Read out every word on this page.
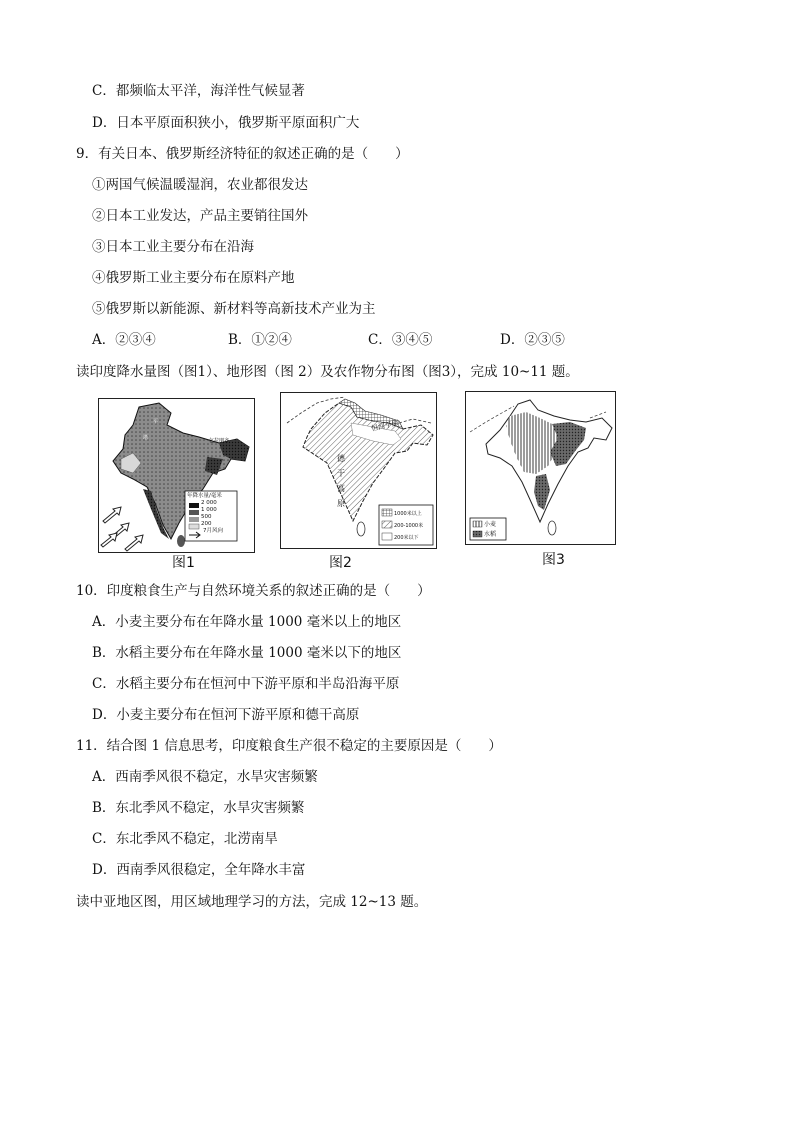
C．都频临太平洋，海洋性气候显著
D．日本平原面积狭小，俄罗斯平原面积广大
9．有关日本、俄罗斯经济特征的叙述正确的是（　　）
①两国气候温暖湿润，农业都很发达
②日本工业发达，产品主要销往国外
③日本工业主要分布在沿海
④俄罗斯工业主要分布在原料产地
⑤俄罗斯以新能源、新材料等高新技术产业为主
A．②③④	B．①②④	C．③④⑤	D．②③⑤
读印度降水量图（图1）、地形图（图 2）及农作物分布图（图3），完成 10~11 题。
乞拉朋齐
塔
平
年降水量/毫米
2 000
1 000
500
200
7月风向
图1
恒河平原
德
干
高
原
1000米以上
200-1000米
200米以下
图2
小麦
水稻
图3
10．印度粮食生产与自然环境关系的叙述正确的是（　　）
A．小麦主要分布在年降水量 1000 毫米以上的地区
B．水稻主要分布在年降水量 1000 毫米以下的地区
C．水稻主要分布在恒河中下游平原和半岛沿海平原
D．小麦主要分布在恒河下游平原和德干高原
11．结合图 1 信息思考，印度粮食生产很不稳定的主要原因是（　　）
A．西南季风很不稳定，水旱灾害频繁
B．东北季风不稳定，水旱灾害频繁
C．东北季风不稳定，北涝南旱
D．西南季风很稳定，全年降水丰富
读中亚地区图，用区域地理学习的方法，完成 12~13 题。
